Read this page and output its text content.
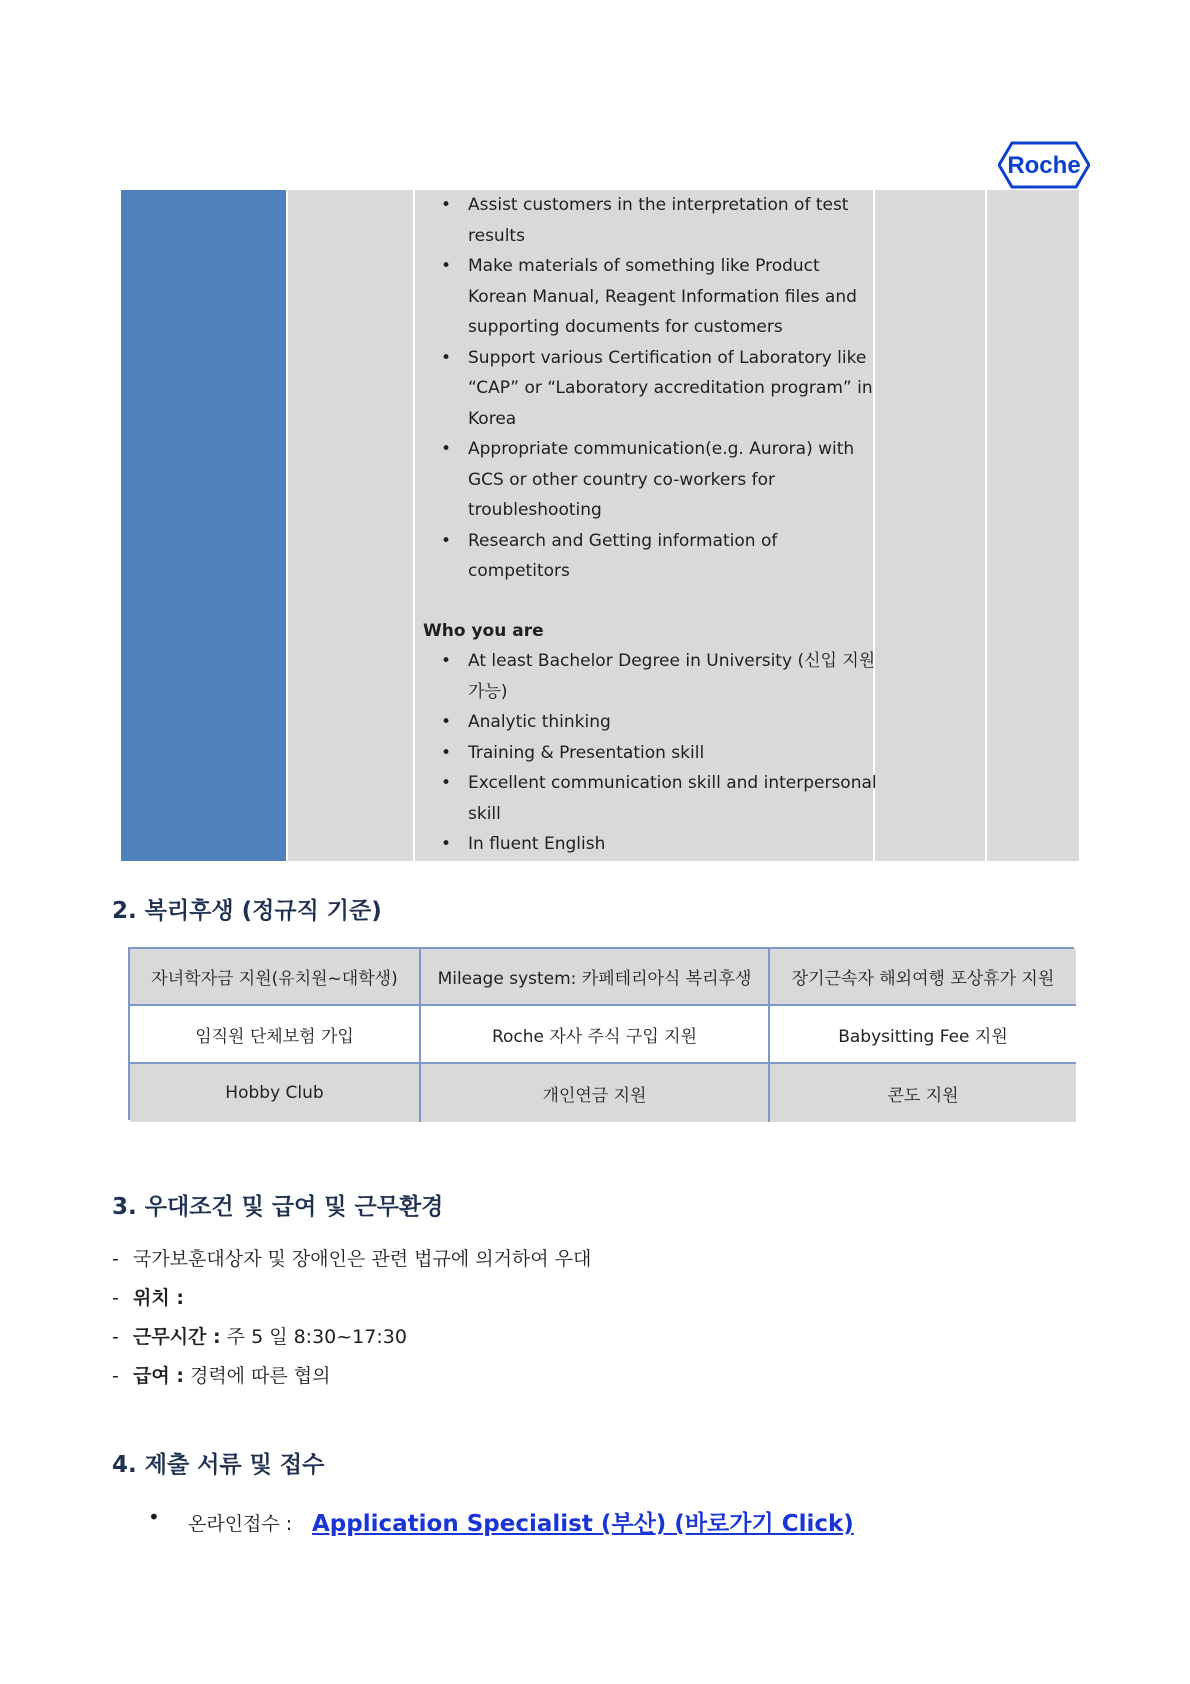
Roche
• Assist customers in the interpretation of test results
• Make materials of something like Product Korean Manual, Reagent Information files and supporting documents for customers
• Support various Certification of Laboratory like “CAP” or “Laboratory accreditation program” in Korea
• Appropriate communication(e.g. Aurora) with GCS or other country co-workers for troubleshooting
• Research and Getting information of competitors
Who you are
• At least Bachelor Degree in University (신입 지원 가능)
• Analytic thinking
• Training & Presentation skill
• Excellent communication skill and interpersonal skill
• In fluent English
2. 복리후생 (정규직 기준)
자녀학자금 지원(유치원~대학생)	Mileage system: 카페테리아식 복리후생	장기근속자 해외여행 포상휴가 지원
임직원 단체보험 가입	Roche 자사 주식 구입 지원	Babysitting Fee 지원
Hobby Club	개인연금 지원	콘도 지원
3. 우대조건 및 급여 및 근무환경
- 국가보훈대상자 및 장애인은 관련 법규에 의거하여 우대
- 위치 :
- 근무시간 : 주 5 일 8:30~17:30
- 급여 : 경력에 따른 협의
4. 제출 서류 및 접수
• 온라인접수 : Application Specialist (부산) (바로가기 Click)
